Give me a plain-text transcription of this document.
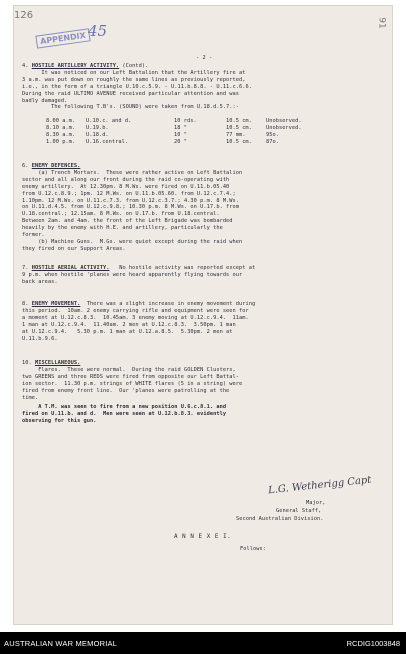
126
APPENDIX 45	91
- 2 -
4. HOSTILE ARTILLERY ACTIVITY. (Contd).
It was noticed on our Left Battalion that the Artillery fire at
3 a.m. was put down on roughly the same lines as previously reported,
i.e., in the form of a triangle U.10.c.5.9. - U.11.b.8.8. - U.11.c.6.6.
During the raid ULTIMO AVENUE received particular attention and was
badly damaged.
The following T.B's. (SOUND) were taken from U.18.d.5.7.:-
8.00 a.m.	U.10.c. and d.	10 rds.	10.5 cm.	Unobserved.
8.10 a.m.	U.19.b.	18 "	10.5 cm.	Unobserved.
8.30 a.m.	U.18.d.	10 "	77 mm.	95o.
1.00 p.m.	U.16.central.	20 "	10.5 cm.	87o.
6. ENEMY DEFENCES.
(a) Trench Mortars.  These were rather active on Left Battalion
sector and all along our front during the raid co-operating with
enemy artillery.  At 12.30pm. 8 M.Ws. were fired on U.11.b.05.40
from U.12.c.8.9.; 1pm. 12 M.Ws. on U.11.b.05.60. from U.12.c.7.4.;
1.10pm. 12 M.Ws. on U.11.c.7.3. from U.12.c.3.7.; 4.30 p.m. 8 M.Ws.
on U.11.d.4.5. from U.12.c.9.8.; 10.30 p.m. 8 M.Ws. on U.17.b. from
U.18.central.; 12.15am. 8 M.Ws. on U.17.b. from U.18.central.
Between 2am. and 4am. the front of the Left Brigade was bombarded
heavily by the enemy with H.E. and artillery, particularly the
former.
(b) Machine Guns.  M.Gs. were quiet except during the raid when
they fired on our Support Areas.
7. HOSTILE AERIAL ACTIVITY.   No hostile activity was reported except at
9 p.m. when hostile 'planes were heard apparently flying towards our
back areas.
8. ENEMY MOVEMENT.  There was a slight increase in enemy movement during
this period.  10am. 2 enemy carrying rifle and equipment were seen for
a moment at U.12.c.8.3.  10.45am. 3 enemy moving at U.12.c.9.4.  11am.
1 man at U.12.c.9.4.  11.40am. 2 men at U.12.c.8.3.  3.50pm. 1 man
at U.12.c.9.4.   5.30 p.m. 1 man at U.12.a.8.5.  5.30pm. 2 men at
U.11.b.9.6.
10. MISCELLANEOUS.
Flares.  These were normal.  During the raid GOLDEN Clusters,
two GREENS and three REDS were fired from opposite our Left Battal-
ion sector.  11.30 p.m. strings of WHITE flares (5 in a string) were
fired from enemy front line.  Our 'planes were patrolling at the
time.
A T.M. was seen to fire from a new position U.6.c.8.1. and
fired on U.11.b. and d.  Men were seen at U.12.b.8.3. evidently
observing for this gun.
L.G. Wetherigg Capt
Major,
General Staff,
Second Australian Division.
A N N E X E I.
Follows:
AUSTRALIAN WAR MEMORIAL	RCDIG1003848
